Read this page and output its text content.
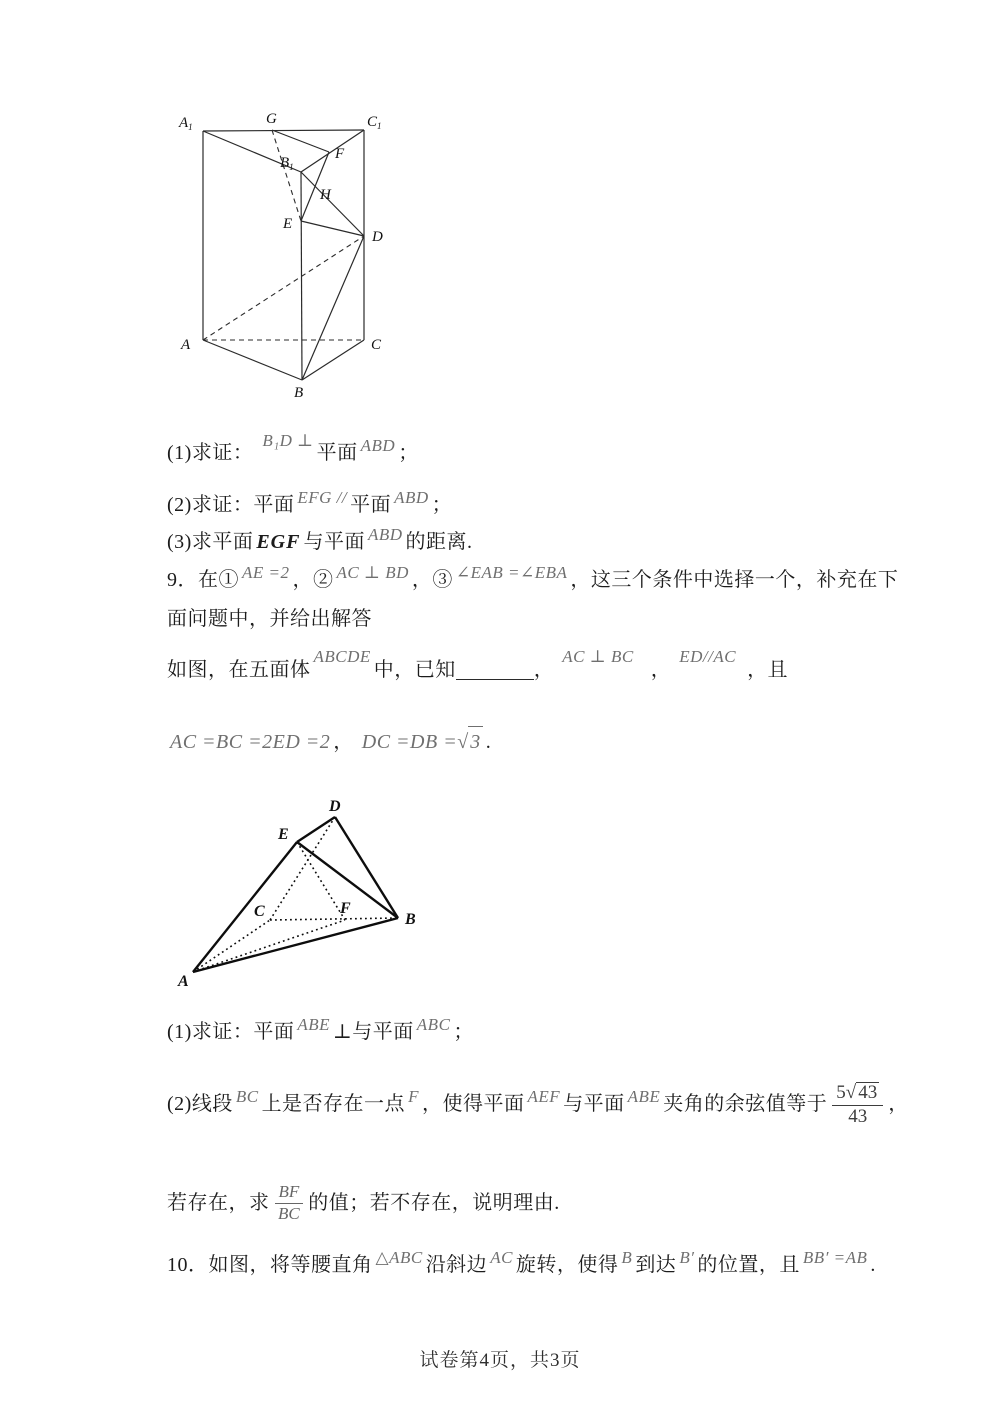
$A_1$	G	$C_1$
$B_1$
F
H
E
D
A	C
B
(1)求证：
B₁D ⊥
平面 ABD ；
(2)求证：平面 EFG // 平面 ABD ；
(3)求平面 EGF 与平面 ABD 的距离.
9．在① AE =2 ，② AC ⊥ BD ，③ ∠EAB =∠EBA ，这三个条件中选择一个，补充在下
面问题中，并给出解答
如图，在五面体
ABCDE
中，已知	，
AC ⊥ BC
，
ED//AC
，且
AC =BC =2ED =2 ， DC =DB =√ 3 .
D
E
C	F
B
A
(1)求证：平面 ABE ⊥与平面 ABC ；
(2)线段 BC 上是否存在一点 F ，使得平面 AEF 与平面 ABE 夹角的余弦值等于 $\frac{5√ 43}{43}$ ，
若存在，求 $\frac{BF}{BC}$ 的值；若不存在，说明理由.
10．如图，将等腰直角 △ABC 沿斜边 AC 旋转，使得 B 到达 B′ 的位置，且 BB′ =AB .
试卷第4页，共3页
